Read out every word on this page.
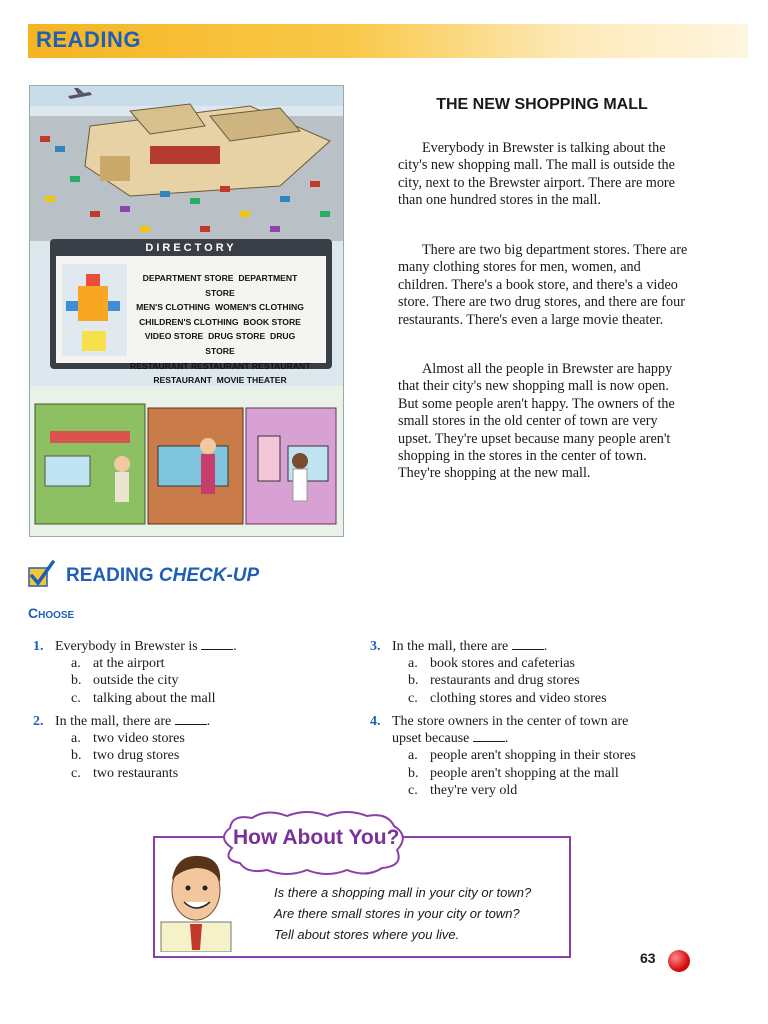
READING
DIRECTORY
DEPARTMENT STORE DEPARTMENT STORE
MEN'S CLOTHING WOMEN'S CLOTHING
CHILDREN'S CLOTHING BOOK STORE
VIDEO STORE DRUG STORE DRUG STORE
RESTAURANT RESTAURANT RESTAURANT
RESTAURANT MOVIE THEATER
THE NEW SHOPPING MALL
Everybody in Brewster is talking about the city's new shopping mall. The mall is outside the city, next to the Brewster airport. There are more than one hundred stores in the mall.
There are two big department stores. There are many clothing stores for men, women, and children. There's a book store, and there's a video store. There are two drug stores, and there are four restaurants. There's even a large movie theater.
Almost all the people in Brewster are happy that their city's new shopping mall is now open. But some people aren't happy. The owners of the small stores in the old center of town are very upset. They're upset because many people aren't shopping in the stores in the center of town. They're shopping at the new mall.
READING CHECK-UP
Choose
1. Everybody in Brewster is	.
a. at the airport
b. outside the city
c. talking about the mall
2. In the mall, there are	.
a. two video stores
b. two drug stores
c. two restaurants
3. In the mall, there are	.
a. book stores and cafeterias
b. restaurants and drug stores
c. clothing stores and video stores
4. The store owners in the center of town are
upset because	.
a. people aren't shopping in their stores
b. people aren't shopping at the mall
c. they're very old
How About You?
Is there a shopping mall in your city or town?
Are there small stores in your city or town?
Tell about stores where you live.
63
